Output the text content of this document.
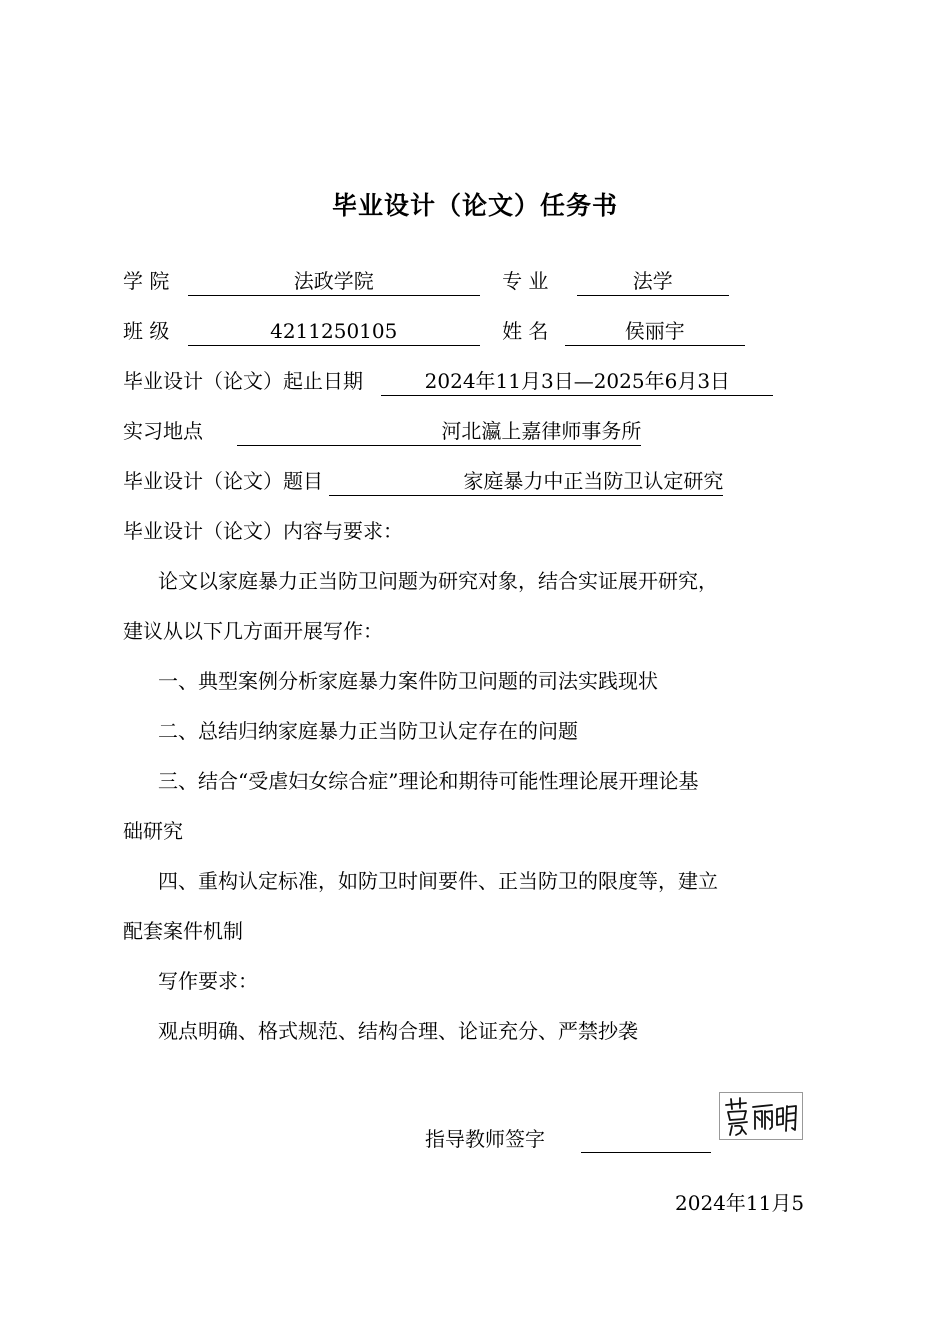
毕业设计（论文）任务书
学 院	法政学院	专 业	法学
班 级	4211250105	姓 名	侯丽宇
毕业设计（论文）起止日期	2024年11月3日—2025年6月3日
实习地点	河北瀛上嘉律师事务所
毕业设计（论文）题目	家庭暴力中正当防卫认定研究
毕业设计（论文）内容与要求：
论文以家庭暴力正当防卫问题为研究对象，结合实证展开研究，
建议从以下几方面开展写作：
一、典型案例分析家庭暴力案件防卫问题的司法实践现状
二、总结归纳家庭暴力正当防卫认定存在的问题
三、结合“受虐妇女综合症”理论和期待可能性理论展开理论基
础研究
四、重构认定标准，如防卫时间要件、正当防卫的限度等，建立
配套案件机制
写作要求：
观点明确、格式规范、结构合理、论证充分、严禁抄袭
指导教师签字
2024年11月5
